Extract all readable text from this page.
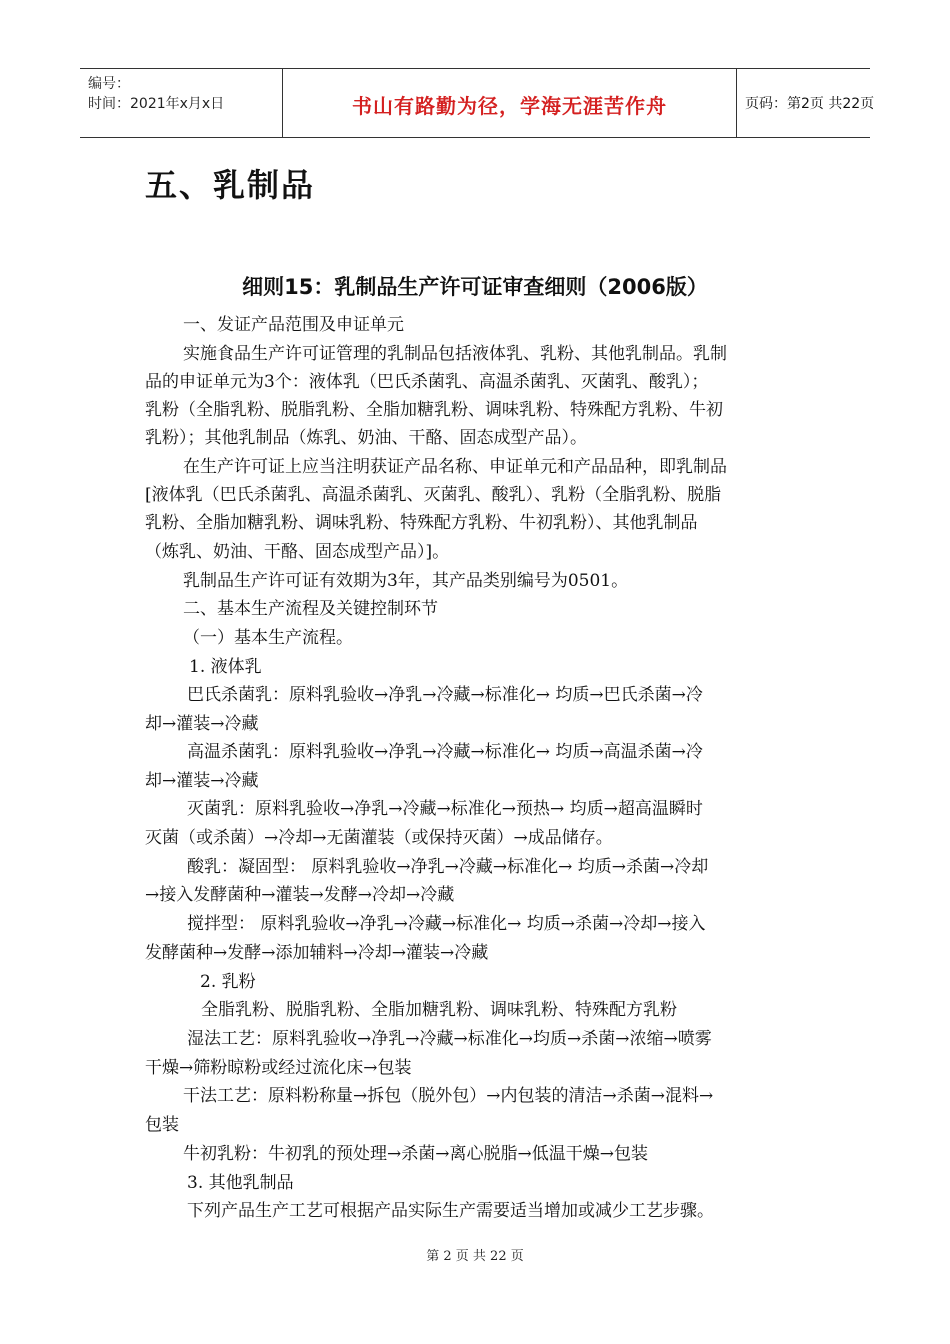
编号：
时间：2021年x月x日	书山有路勤为径，学海无涯苦作舟	页码：第2页 共22页
五、乳制品
细则15：乳制品生产许可证审查细则（2006版）
一、发证产品范围及申证单元
实施食品生产许可证管理的乳制品包括液体乳、乳粉、其他乳制品。乳制
品的申证单元为3个：液体乳（巴氏杀菌乳、高温杀菌乳、灭菌乳、酸乳）；
乳粉（全脂乳粉、脱脂乳粉、全脂加糖乳粉、调味乳粉、特殊配方乳粉、牛初
乳粉）；其他乳制品（炼乳、奶油、干酪、固态成型产品）。
在生产许可证上应当注明获证产品名称、申证单元和产品品种，即乳制品
[液体乳（巴氏杀菌乳、高温杀菌乳、灭菌乳、酸乳）、乳粉（全脂乳粉、脱脂
乳粉、全脂加糖乳粉、调味乳粉、特殊配方乳粉、牛初乳粉）、其他乳制品
（炼乳、奶油、干酪、固态成型产品）]。
乳制品生产许可证有效期为3年，其产品类别编号为0501。
二、基本生产流程及关键控制环节
（一）基本生产流程。
1. 液体乳
巴氏杀菌乳：原料乳验收→净乳→冷藏→标准化→ 均质→巴氏杀菌→冷
却→灌装→冷藏
高温杀菌乳：原料乳验收→净乳→冷藏→标准化→ 均质→高温杀菌→冷
却→灌装→冷藏
灭菌乳：原料乳验收→净乳→冷藏→标准化→预热→ 均质→超高温瞬时
灭菌（或杀菌）→冷却→无菌灌装（或保持灭菌）→成品储存。
酸乳：凝固型： 原料乳验收→净乳→冷藏→标准化→ 均质→杀菌→冷却
→接入发酵菌种→灌装→发酵→冷却→冷藏
搅拌型： 原料乳验收→净乳→冷藏→标准化→ 均质→杀菌→冷却→接入
发酵菌种→发酵→添加辅料→冷却→灌装→冷藏
2. 乳粉
全脂乳粉、脱脂乳粉、全脂加糖乳粉、调味乳粉、特殊配方乳粉
湿法工艺：原料乳验收→净乳→冷藏→标准化→均质→杀菌→浓缩→喷雾
干燥→筛粉晾粉或经过流化床→包装
干法工艺：原料粉称量→拆包（脱外包）→内包装的清洁→杀菌→混料→
包装
牛初乳粉：牛初乳的预处理→杀菌→离心脱脂→低温干燥→包装
3. 其他乳制品
下列产品生产工艺可根据产品实际生产需要适当增加或减少工艺步骤。
第 2 页 共 22 页
